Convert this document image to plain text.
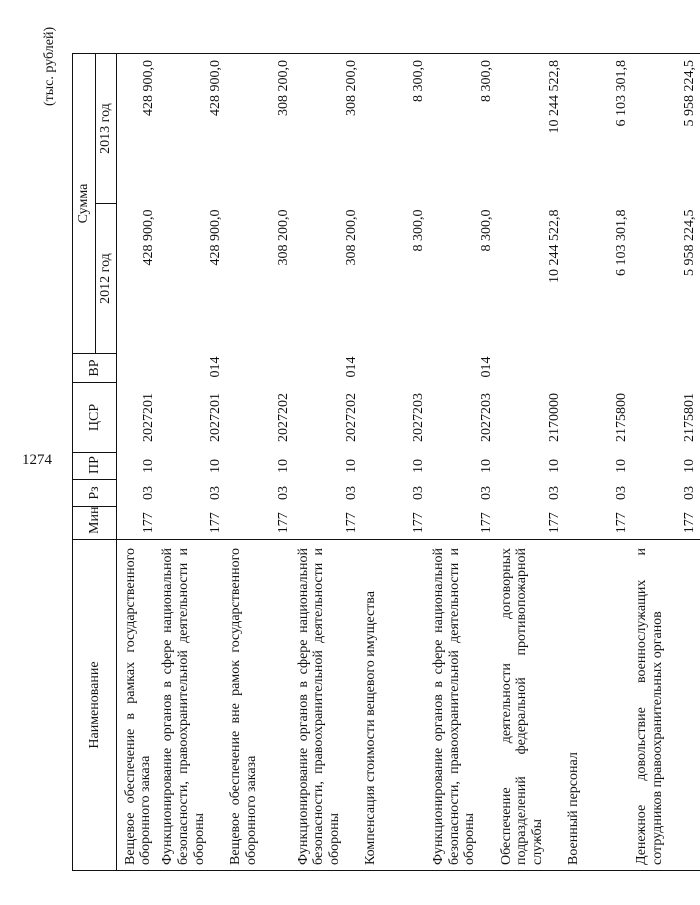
1274
(тыс. рублей)
Наименование	Мин	Рз	ПР	ЦСР	ВР	Сумма	
						2012 год	2013 год
Вещевое обеспечение в рамках государственного оборонного заказа	177	03	10	2027201		428 900,0	428 900,0
Функционирование органов в сфере национальной безопасности, правоохранительной деятельности и обороны	177	03	10	2027201	014	428 900,0	428 900,0
Вещевое обеспечение вне рамок государственного оборонного заказа	177	03	10	2027202		308 200,0	308 200,0
Функционирование органов в сфере национальной безопасности, правоохранительной деятельности и обороны	177	03	10	2027202	014	308 200,0	308 200,0
Компенсация стоимости вещевого имущества	177	03	10	2027203		8 300,0	8 300,0
Функционирование органов в сфере национальной безопасности, правоохранительной деятельности и обороны	177	03	10	2027203	014	8 300,0	8 300,0
Обеспечение деятельности договорных подразделений федеральной противопожарной службы	177	03	10	2170000		10 244 522,8	10 244 522,8
Военный персонал	177	03	10	2175800		6 103 301,8	6 103 301,8
Денежное довольствие военнослужащих и сотрудников правоохранительных органов	177	03	10	2175801		5 958 224,5	5 958 224,5
